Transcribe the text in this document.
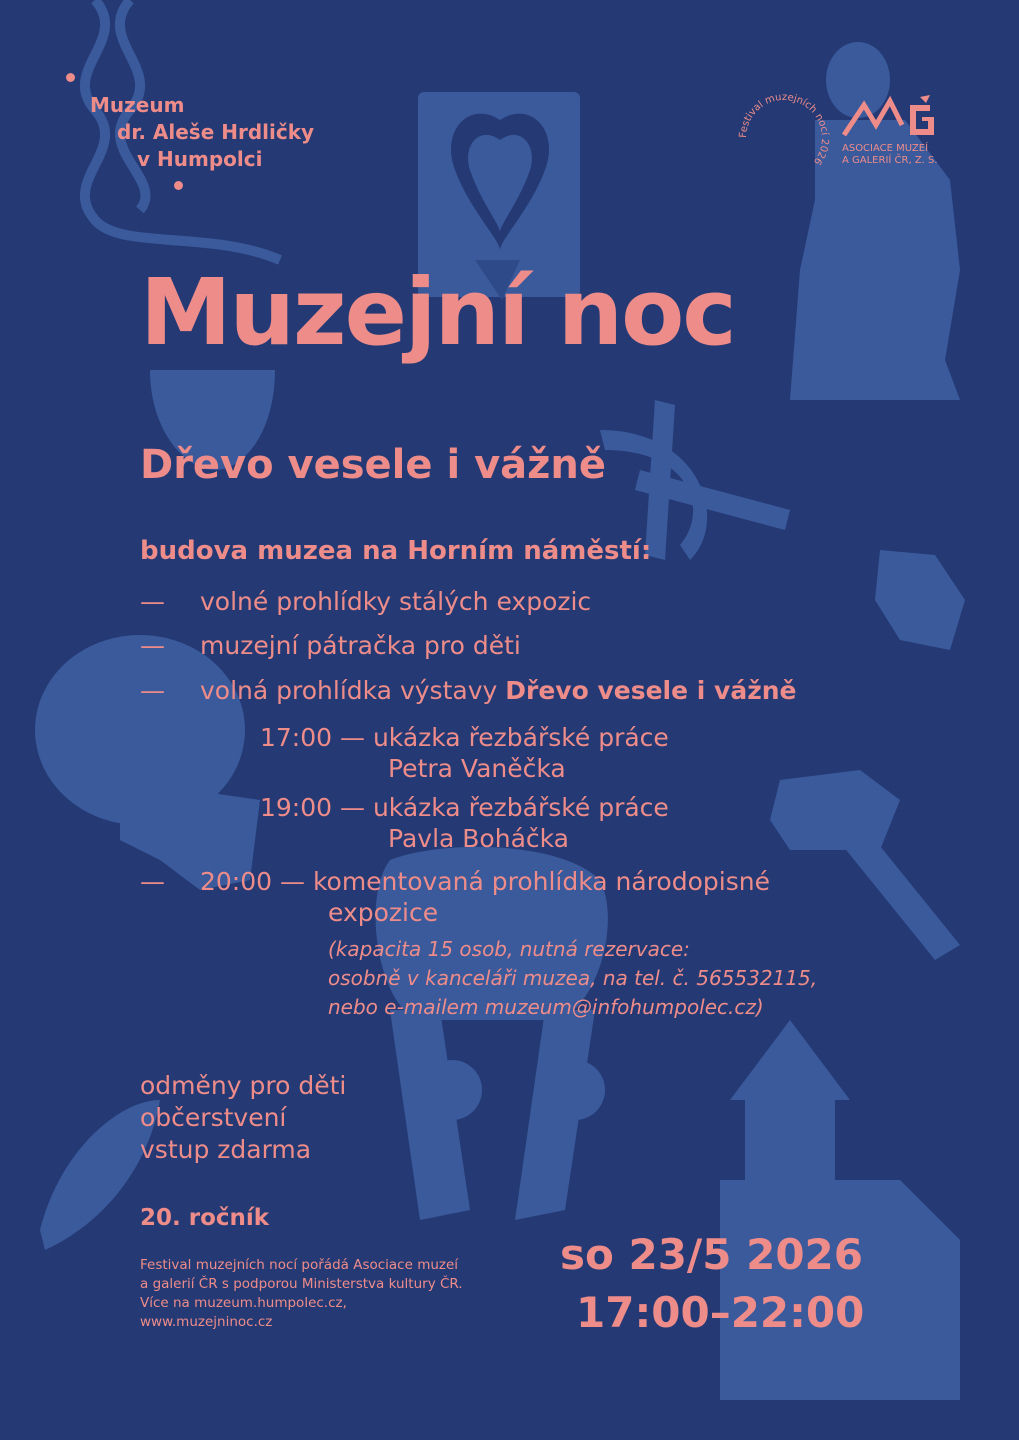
Muzeum
dr. Aleše Hrdličky
v Humpolci
Festival muzejních nocí 2026
ASOCIACE MUZEÍ
A GALERIÍ ČR, Z. S.
Muzejní noc
Dřevo vesele i vážně
budova muzea na Horním náměstí:
— volné prohlídky stálých expozic
— muzejní pátračka pro děti
— volná prohlídka výstavy Dřevo vesele i vážně
17:00 — ukázka řezbářské práce
Petra Vaněčka
19:00 — ukázka řezbářské práce
Pavla Boháčka
— 20:00 — komentovaná prohlídka národopisné
expozice
(kapacita 15 osob, nutná rezervace:
osobně v kanceláři muzea, na tel. č. 565532115,
nebo e-mailem muzeum@infohumpolec.cz)
odměny pro děti
občerstvení
vstup zdarma
20. ročník
Festival muzejních nocí pořádá Asociace muzeí
a galerií ČR s podporou Ministerstva kultury ČR.
Více na muzeum.humpolec.cz,
www.muzejninoc.cz
so 23/5 2026
17:00–22:00
